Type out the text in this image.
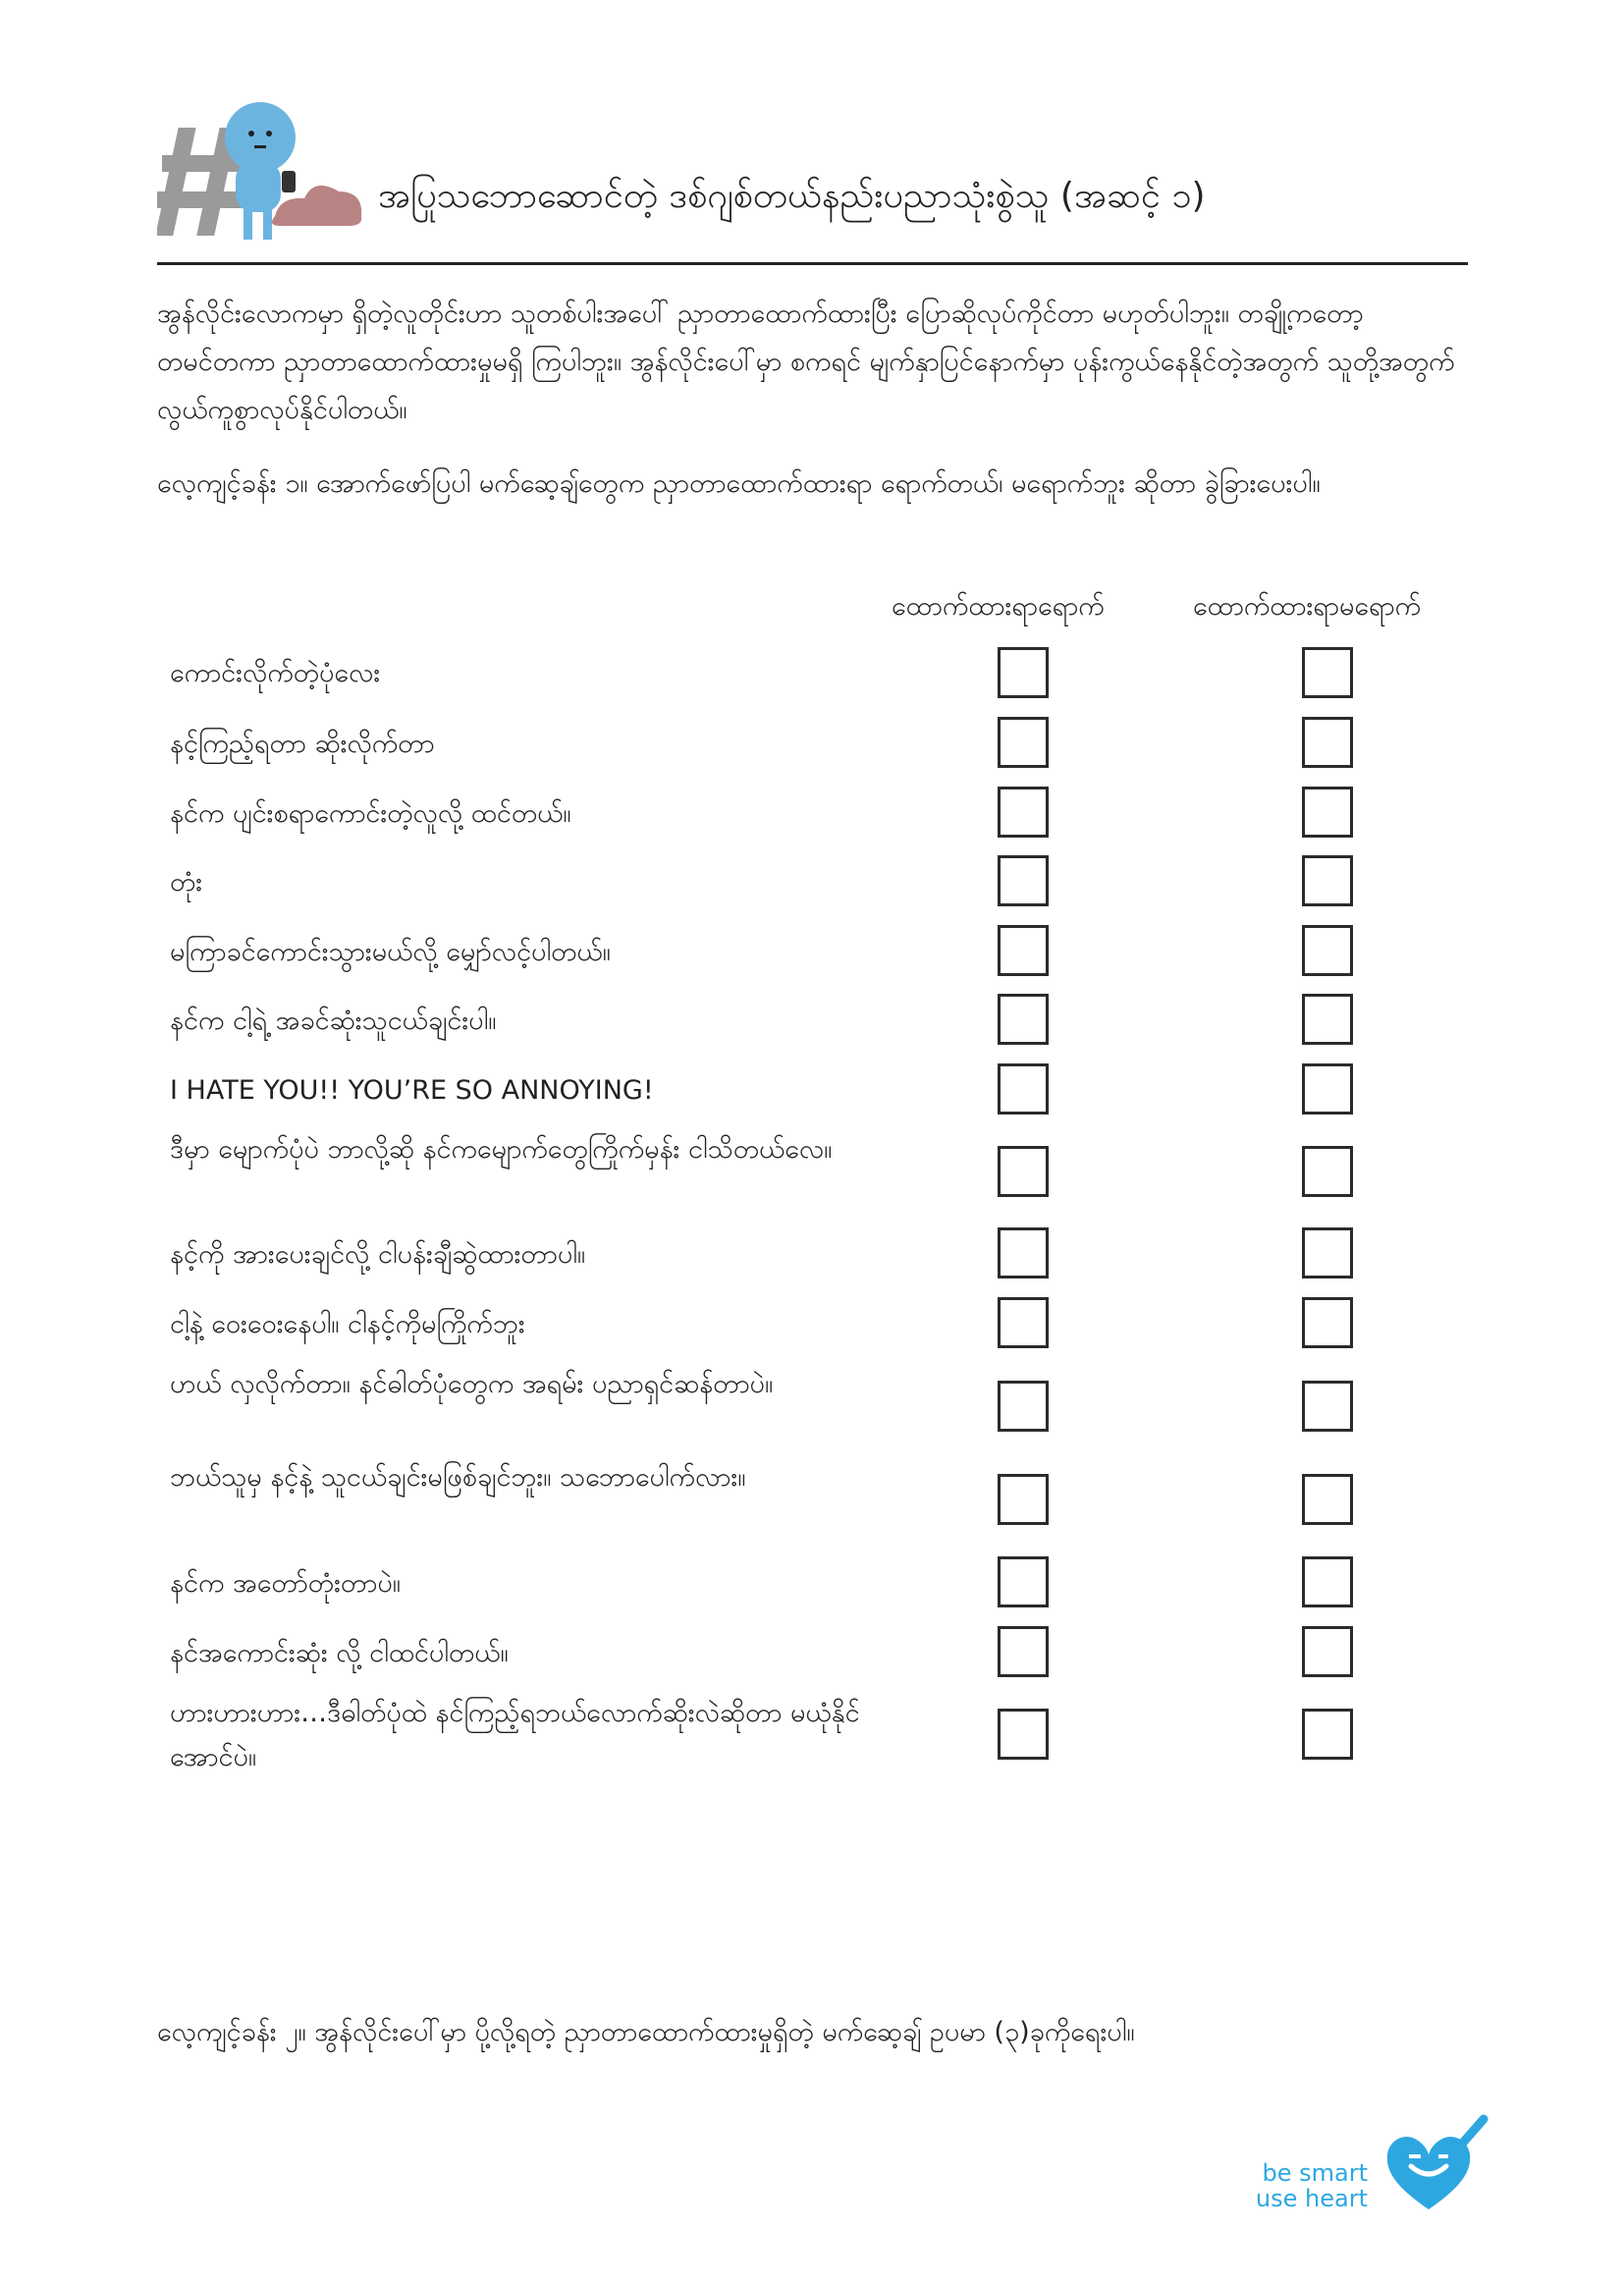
အပြုသဘောဆောင်တဲ့ ဒစ်ဂျစ်တယ်နည်းပညာသုံးစွဲသူ (အဆင့် ၁)
အွန်လိုင်းလောကမှာ ရှိတဲ့လူတိုင်းဟာ သူတစ်ပါးအပေါ် ညှာတာထောက်ထားပြီး ပြောဆိုလုပ်ကိုင်တာ မဟုတ်ပါဘူး။ တချို့ကတော့ တမင်တကာ ညှာတာထောက်ထားမှုမရှိ ကြပါဘူး။ အွန်လိုင်းပေါ်မှာ စကရင် မျက်နှာပြင်နောက်မှာ ပုန်းကွယ်နေနိုင်တဲ့အတွက် သူတို့အတွက်လွယ်ကူစွာလုပ်နိုင်ပါတယ်။
လေ့ကျင့်ခန်း ၁။ အောက်ဖော်ပြပါ မက်ဆေ့ချ်တွေက ညှာတာထောက်ထားရာ ရောက်တယ်၊ မရောက်ဘူး ဆိုတာ ခွဲခြားပေးပါ။
ထောက်ထားရာရောက်	ထောက်ထားရာမရောက်
ကောင်းလိုက်တဲ့ပုံလေး
နင့်ကြည့်ရတာ ဆိုးလိုက်တာ
နင်က ပျင်းစရာကောင်းတဲ့လူလို့ ထင်တယ်။
တုံး
မကြာခင်ကောင်းသွားမယ်လို့ မျှော်လင့်ပါတယ်။
နင်က ငါ့ရဲ့ အခင်ဆုံးသူငယ်ချင်းပါ။
I HATE YOU!! YOU’RE SO ANNOYING!
ဒီမှာ မျောက်ပုံပဲ ဘာလို့ဆို နင်ကမျောက်တွေကြိုက်မှန်း ငါသိတယ်လေ။
နင့်ကို အားပေးချင်လို့ ငါပန်းချီဆွဲထားတာပါ။
ငါ့နဲ့ ဝေးဝေးနေပါ။ ငါနင့်ကိုမကြိုက်ဘူး
ဟယ် လှလိုက်တာ။ နင်ဓါတ်ပုံတွေက အရမ်း ပညာရှင်ဆန်တာပဲ။
ဘယ်သူမှ နင့်နဲ့ သူငယ်ချင်းမဖြစ်ချင်ဘူး။ သဘောပေါက်လား။
နင်က အတော်တုံးတာပဲ။
နင်အကောင်းဆုံး လို့ ငါထင်ပါတယ်။
ဟားဟားဟား…ဒီဓါတ်ပုံထဲ နင်ကြည့်ရဘယ်လောက်ဆိုးလဲဆိုတာ မယုံနိုင်အောင်ပဲ။
လေ့ကျင့်ခန်း ၂။ အွန်လိုင်းပေါ်မှာ ပို့လို့ရတဲ့ ညှာတာထောက်ထားမှုရှိတဲ့ မက်ဆေ့ချ် ဥပမာ (၃)ခုကိုရေးပါ။
be smart
use heart
